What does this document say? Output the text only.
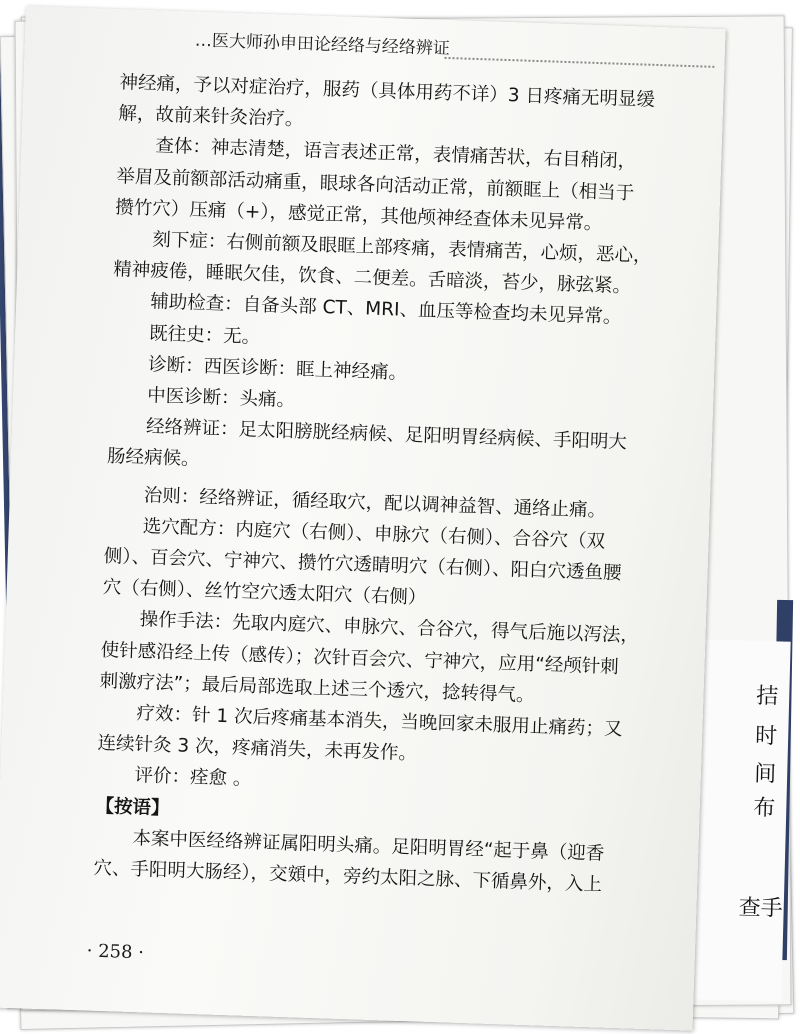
拮
时
间
布
查手
…医大师孙申田论经络与经络辨证

神经痛，予以对症治疗，服药（具体用药不详）3 日疼痛无明显缓

解，故前来针灸治疗。

查体：神志清楚，语言表述正常，表情痛苦状，右目稍闭，

举眉及前额部活动痛重，眼球各向活动正常，前额眶上（相当于

攒竹穴）压痛（+），感觉正常，其他颅神经查体未见异常。

刻下症：右侧前额及眼眶上部疼痛，表情痛苦，心烦，恶心，

精神疲倦，睡眠欠佳，饮食、二便差。舌暗淡，苔少，脉弦紧。

辅助检查：自备头部 CT、MRI、血压等检查均未见异常。

既往史：无。

诊断：西医诊断：眶上神经痛。

中医诊断：头痛。

经络辨证：足太阳膀胱经病候、足阳明胃经病候、手阳明大

肠经病候。

治则：经络辨证，循经取穴，配以调神益智、通络止痛。

选穴配方：内庭穴（右侧）、申脉穴（右侧）、合谷穴（双

侧）、百会穴、宁神穴、攒竹穴透睛明穴（右侧）、阳白穴透鱼腰

穴（右侧）、丝竹空穴透太阳穴（右侧）

操作手法：先取内庭穴、申脉穴、合谷穴，得气后施以泻法，

使针感沿经上传（感传）；次针百会穴、宁神穴，应用“经颅针刺

刺激疗法”；最后局部选取上述三个透穴，捻转得气。

疗效：针 1 次后疼痛基本消失，当晚回家未服用止痛药；又

连续针灸 3 次，疼痛消失，未再发作。

评价：痊愈 。

【按语】

本案中医经络辨证属阳明头痛。足阳明胃经“起于鼻（迎香

穴、手阳明大肠经），交頞中，旁约太阳之脉、下循鼻外，入上

· 258 ·
